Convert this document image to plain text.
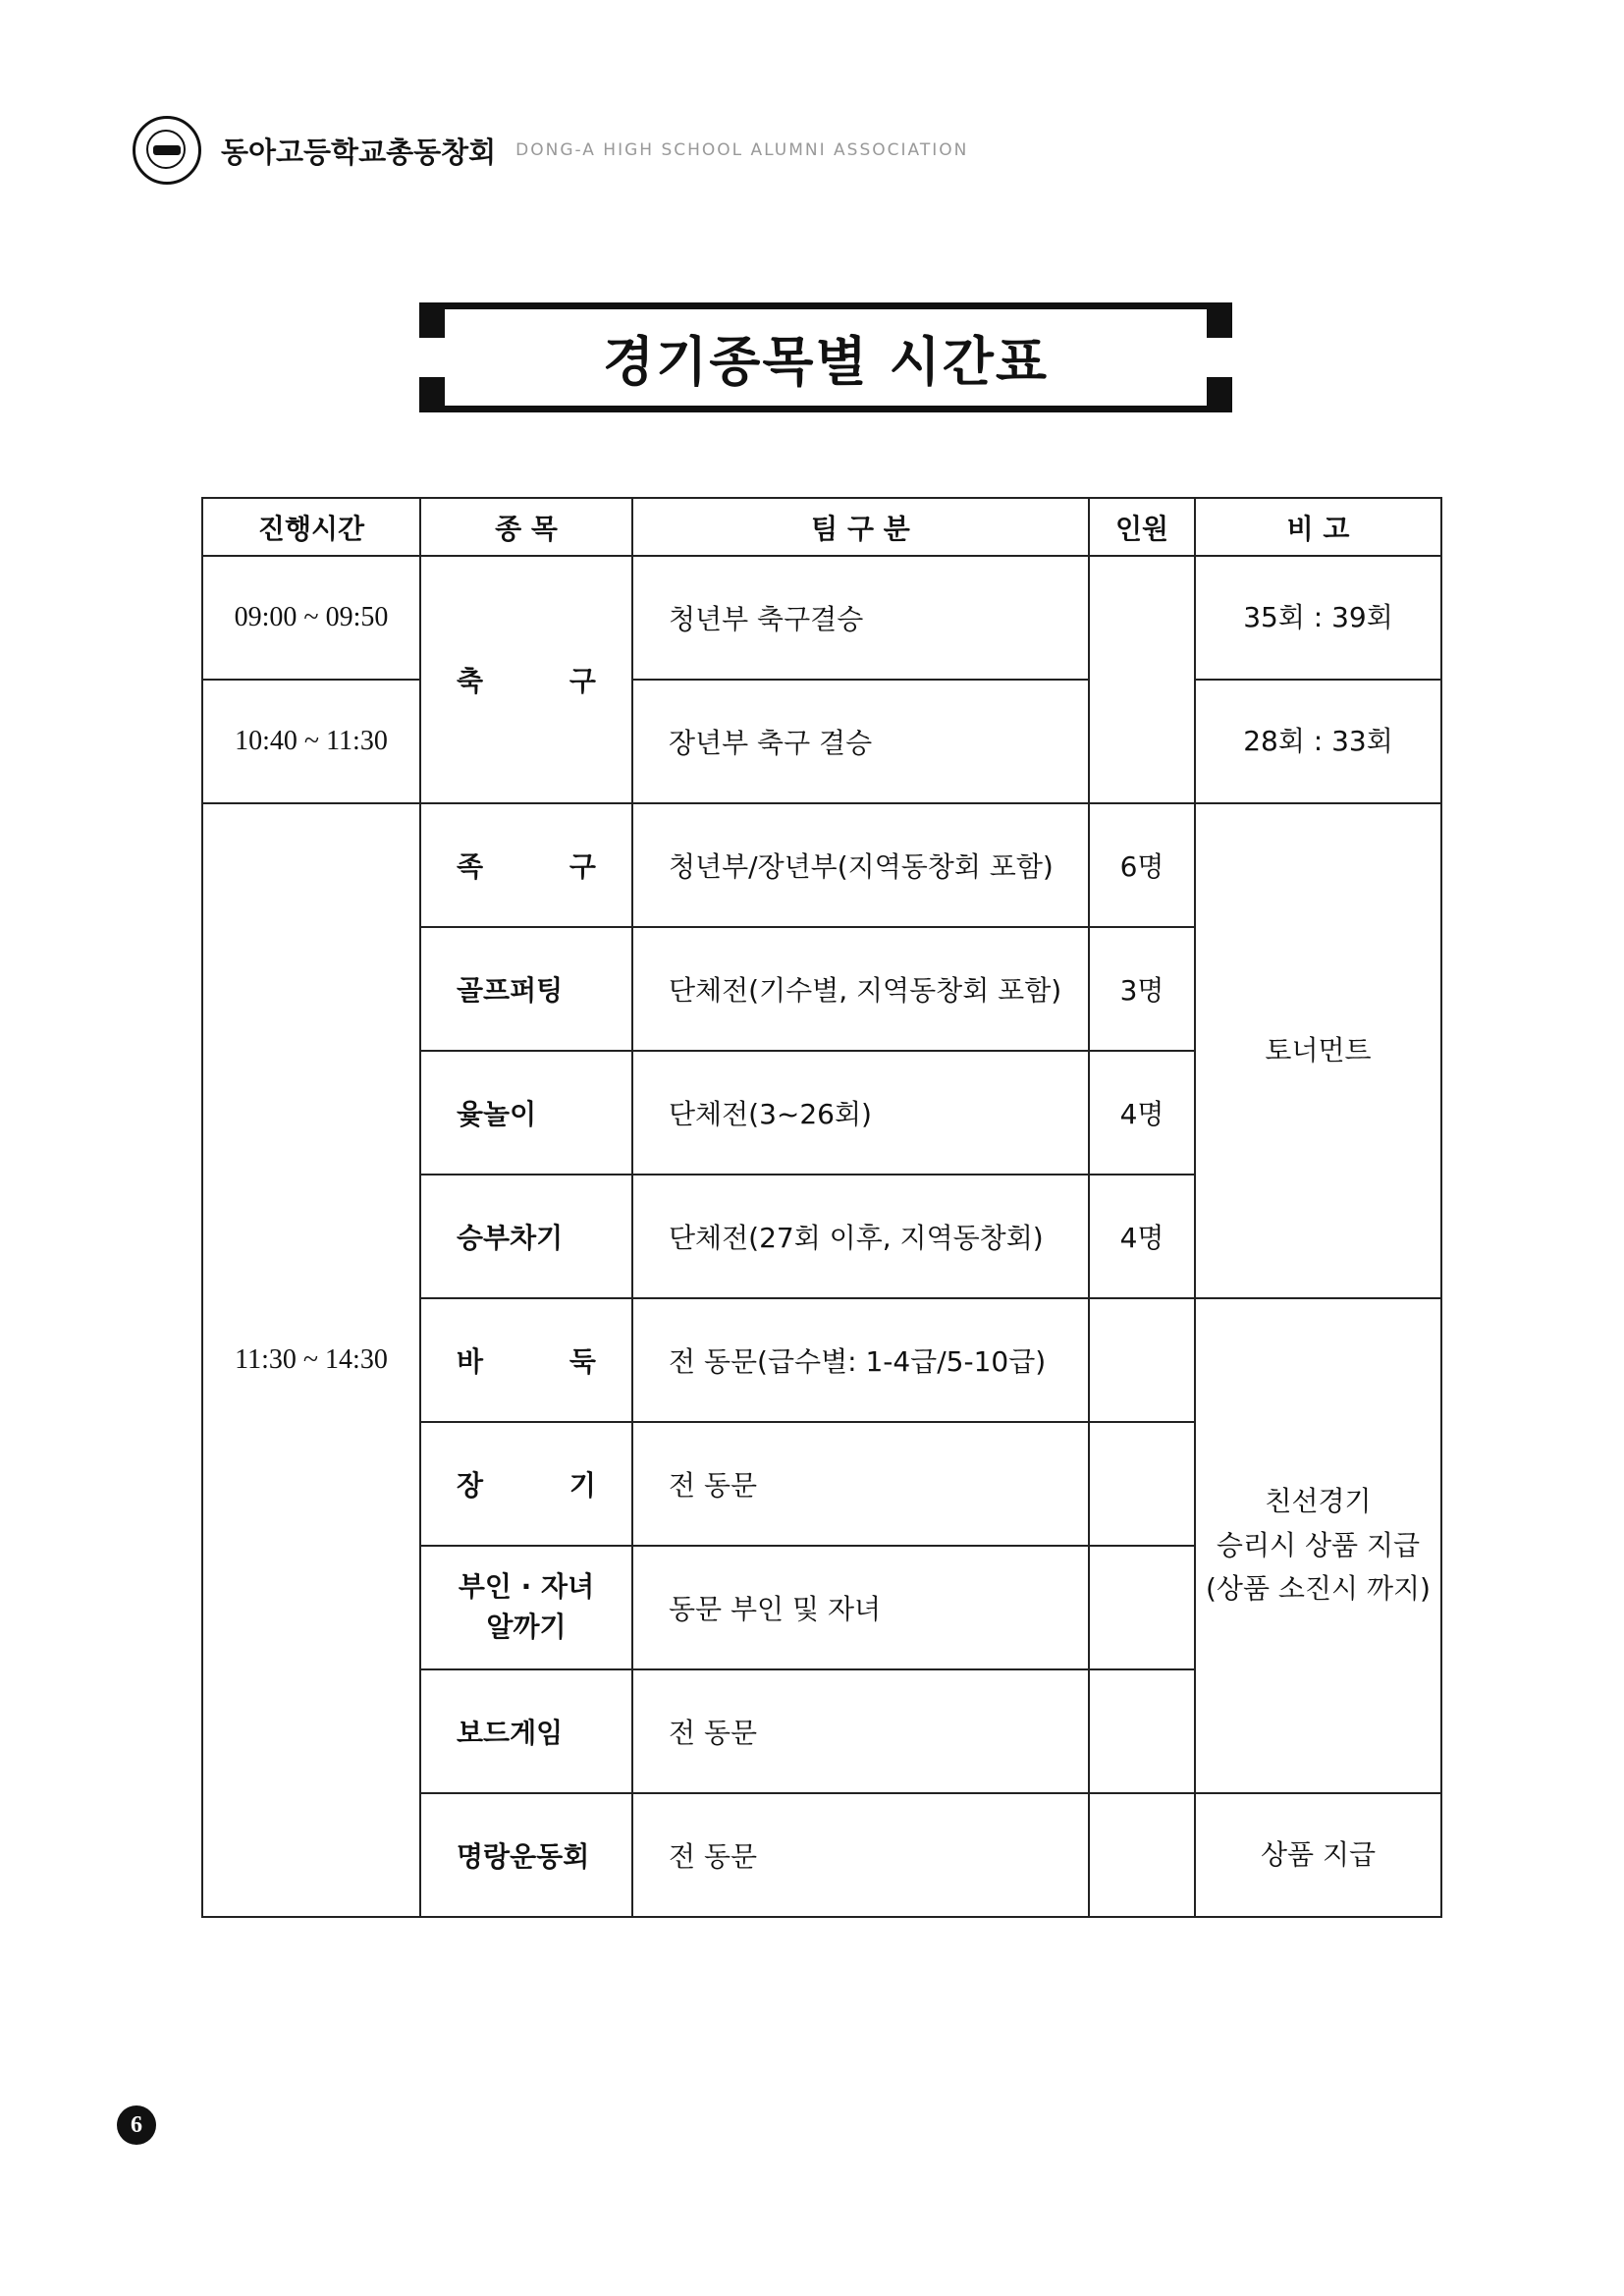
동아고등학교총동창회 DONG-A HIGH SCHOOL ALUMNI ASSOCIATION
경기종목별 시간표
진행시간	종 목	팀 구 분	인원	비 고
09:00 ~ 09:50	축 구	청년부 축구결승		35회 : 39회
10:40 ~ 11:30		장년부 축구 결승		28회 : 33회
11:30 ~ 14:30	족 구	청년부/장년부(지역동창회 포함)	6명	토너먼트

	골프퍼팅	단체전(기수별, 지역동창회 포함)	3명	

	윷놀이	단체전(3~26회)	4명	

	승부차기	단체전(27회 이후, 지역동창회)	4명	

	바 둑	전 동문(급수별: 1-4급/5-10급)		친선경기
승리시 상품 지급
(상품 소진시 까지)

	장 기	전 동문		

	부인 · 자녀
알까기	동문 부인 및 자녀		

	보드게임	전 동문		

	명랑운동회	전 동문		상품 지급
6
